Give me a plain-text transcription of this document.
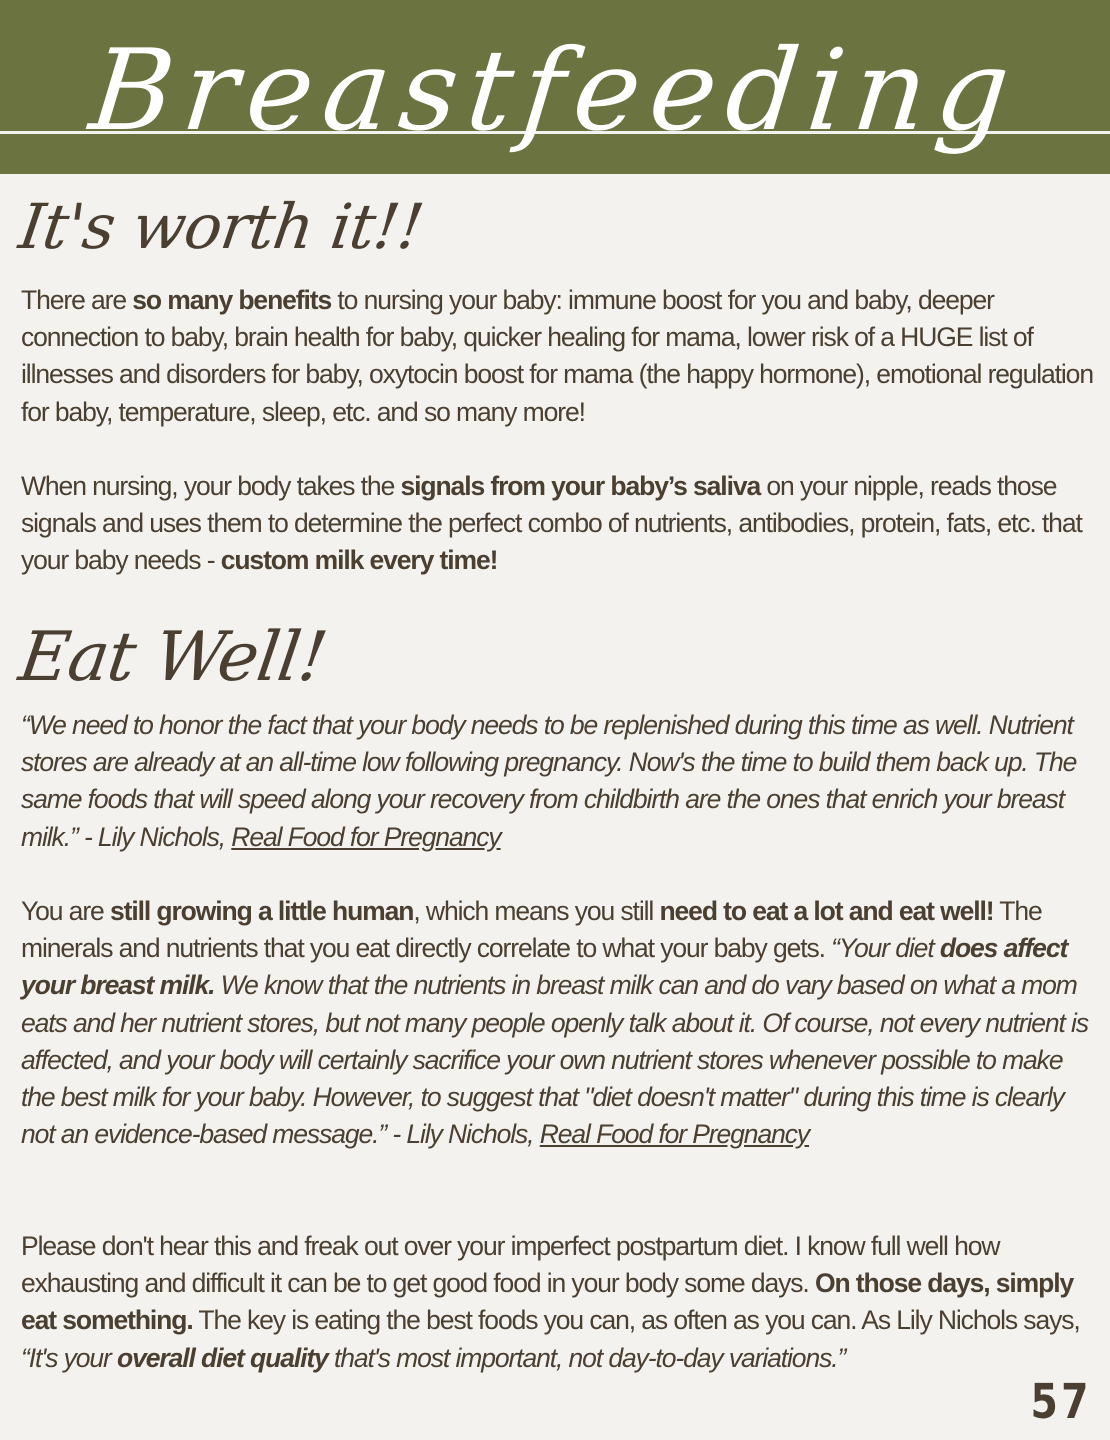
Breastfeeding
It's worth it!!

There are so many benefits to nursing your baby: immune boost for you and baby, deeper connection to baby, brain health for baby, quicker healing for mama, lower risk of a HUGE list of illnesses and disorders for baby, oxytocin boost for mama (the happy hormone), emotional regulation for baby, temperature, sleep, etc. and so many more!

When nursing, your body takes the signals from your baby’s saliva on your nipple, reads those signals and uses them to determine the perfect combo of nutrients, antibodies, protein, fats, etc. that your baby needs - custom milk every time!

Eat Well!

“We need to honor the fact that your body needs to be replenished during this time as well. Nutrient stores are already at an all-time low following pregnancy. Now's the time to build them back up. The same foods that will speed along your recovery from childbirth are the ones that enrich your breast milk.” - Lily Nichols, Real Food for Pregnancy

You are still growing a little human, which means you still need to eat a lot and eat well! The minerals and nutrients that you eat directly correlate to what your baby gets. “Your diet does affect your breast milk. We know that the nutrients in breast milk can and do vary based on what a mom eats and her nutrient stores, but not many people openly talk about it. Of course, not every nutrient is affected, and your body will certainly sacrifice your own nutrient stores whenever possible to make the best milk for your baby. However, to suggest that "diet doesn't matter" during this time is clearly not an evidence-based message.” - Lily Nichols, Real Food for Pregnancy

Please don't hear this and freak out over your imperfect postpartum diet. I know full well how exhausting and difficult it can be to get good food in your body some days. On those days, simply eat something. The key is eating the best foods you can, as often as you can. As Lily Nichols says, “It's your overall diet quality that's most important, not day-to-day variations.”

57
